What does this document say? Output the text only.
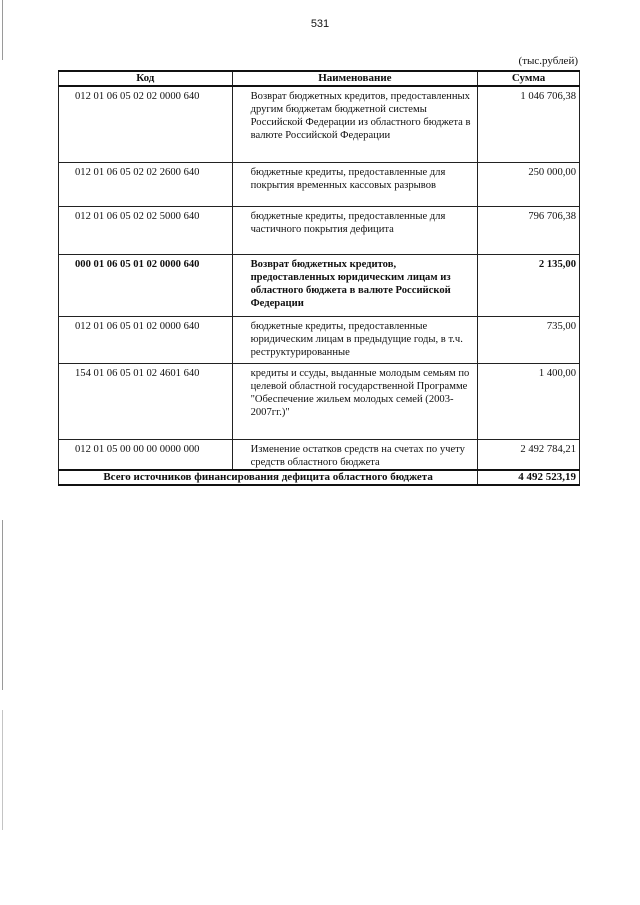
531
(тыс.рублей)
Код	Наименование	Сумма
012 01 06 05 02 02 0000 640	Возврат бюджетных кредитов, предоставленных другим бюджетам бюджетной системы Российской Федерации из областного бюджета в валюте Российской Федерации	1 046 706,38
012 01 06 05 02 02 2600 640	бюджетные кредиты, предоставленные для покрытия временных кассовых разрывов	250 000,00
012 01 06 05 02 02 5000 640	бюджетные кредиты, предоставленные для частичного покрытия дефицита	796 706,38
000 01 06 05 01 02 0000 640	Возврат бюджетных кредитов, предоставленных юридическим лицам из областного бюджета в валюте Российской Федерации	2 135,00
012 01 06 05 01 02 0000 640	бюджетные кредиты, предоставленные юридическим лицам в предыдущие годы, в т.ч. реструктурированные	735,00
154 01 06 05 01 02 4601 640	кредиты и ссуды, выданные молодым семьям по целевой областной государственной Программе "Обеспечение жильем молодых семей (2003-2007гг.)"	1 400,00
012 01 05 00 00 00 0000 000	Изменение остатков средств на счетах по учету средств областного бюджета	2 492 784,21
Всего источников финансирования дефицита областного бюджета		4 492 523,19
